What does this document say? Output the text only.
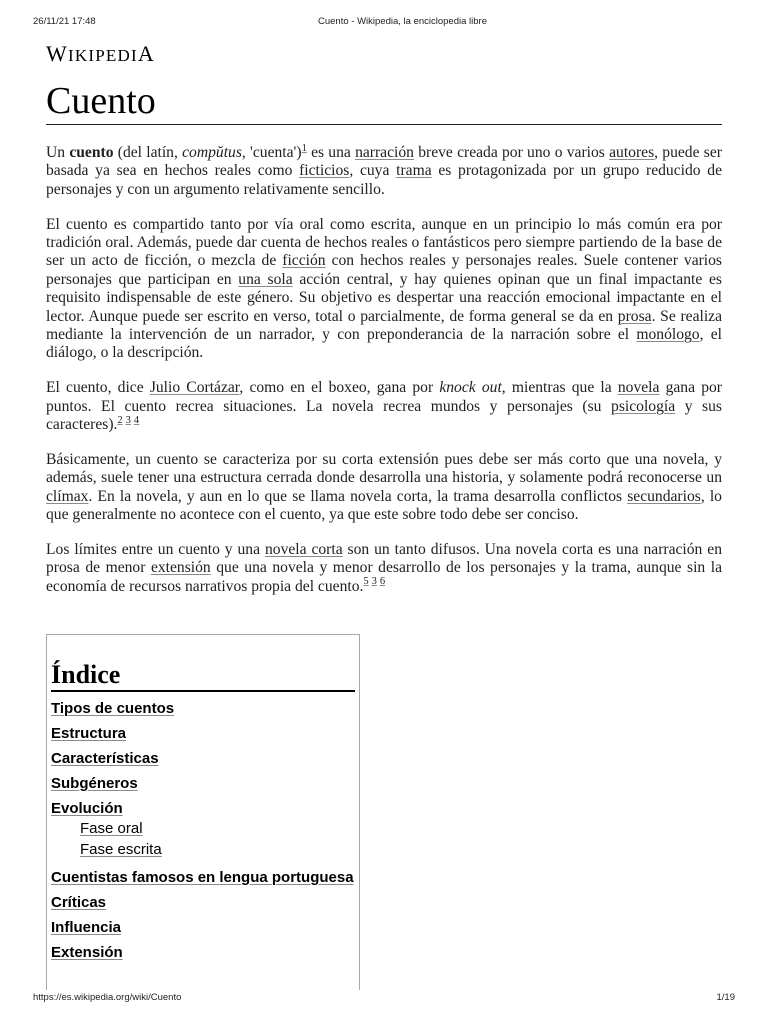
26/11/21 17:48	Cuento - Wikipedia, la enciclopedia libre
WIKIPEDIA
Cuento

Un cuento (del latín, compŭtus, 'cuenta')$^1$ es una narración breve creada por uno o varios autores, puede ser basada ya sea en hechos reales como ficticios, cuya trama es protagonizada por un grupo reducido de personajes y con un argumento relativamente sencillo.

El cuento es compartido tanto por vía oral como escrita, aunque en un principio lo más común era por tradición oral. Además, puede dar cuenta de hechos reales o fantásticos pero siempre partiendo de la base de ser un acto de ficción, o mezcla de ficción con hechos reales y personajes reales. Suele contener varios personajes que participan en una sola acción central, y hay quienes opinan que un final impactante es requisito indispensable de este género. Su objetivo es despertar una reacción emocional impactante en el lector. Aunque puede ser escrito en verso, total o parcialmente, de forma general se da en prosa. Se realiza mediante la intervención de un narrador, y con preponderancia de la narración sobre el monólogo, el diálogo, o la descripción.

El cuento, dice Julio Cortázar, como en el boxeo, gana por knock out, mientras que la novela gana por puntos. El cuento recrea situaciones. La novela recrea mundos y personajes (su psicología y sus caracteres).$^2$ $^3$ $^4$

Básicamente, un cuento se caracteriza por su corta extensión pues debe ser más corto que una novela, y además, suele tener una estructura cerrada donde desarrolla una historia, y solamente podrá reconocerse un clímax. En la novela, y aun en lo que se llama novela corta, la trama desarrolla conflictos secundarios, lo que generalmente no acontece con el cuento, ya que este sobre todo debe ser conciso.

Los límites entre un cuento y una novela corta son un tanto difusos. Una novela corta es una narración en prosa de menor extensión que una novela y menor desarrollo de los personajes y la trama, aunque sin la economía de recursos narrativos propia del cuento.$^5$ $^3$ $^6$

Índice
Tipos de cuentos
Estructura
Características
Subgéneros
Evolución
Fase oral
Fase escrita
Cuentistas famosos en lengua portuguesa
Críticas
Influencia
Extensión
https://es.wikipedia.org/wiki/Cuento	1/19
